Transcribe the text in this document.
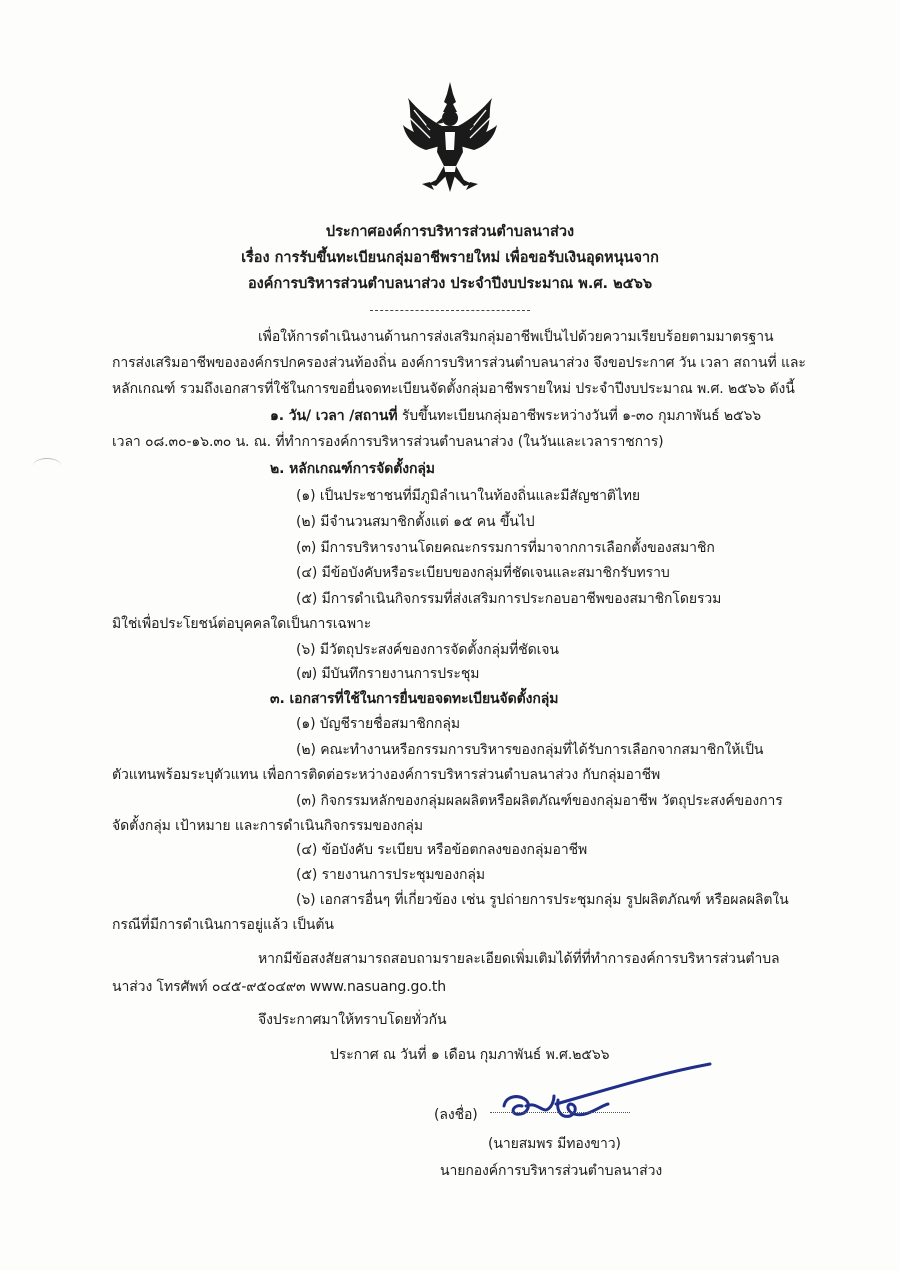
ประกาศองค์การบริหารส่วนตำบลนาส่วง
เรื่อง การรับขึ้นทะเบียนกลุ่มอาชีพรายใหม่ เพื่อขอรับเงินอุดหนุนจาก
องค์การบริหารส่วนตำบลนาส่วง ประจำปีงบประมาณ พ.ศ. ๒๕๖๖
เพื่อให้การดำเนินงานด้านการส่งเสริมกลุ่มอาชีพเป็นไปด้วยความเรียบร้อยตามมาตรฐาน
การส่งเสริมอาชีพขององค์กรปกครองส่วนท้องถิ่น องค์การบริหารส่วนตำบลนาส่วง จึงขอประกาศ วัน เวลา สถานที่ และ
หลักเกณฑ์ รวมถึงเอกสารที่ใช้ในการขอยื่นจดทะเบียนจัดตั้งกลุ่มอาชีพรายใหม่ ประจำปีงบประมาณ พ.ศ. ๒๕๖๖ ดังนี้
๑. วัน/ เวลา /สถานที่ รับขึ้นทะเบียนกลุ่มอาชีพระหว่างวันที่ ๑-๓๐ กุมภาพันธ์ ๒๕๖๖
เวลา ๐๘.๓๐-๑๖.๓๐ น. ณ. ที่ทำการองค์การบริหารส่วนตำบลนาส่วง (ในวันและเวลาราชการ)
๒. หลักเกณฑ์การจัดตั้งกลุ่ม
(๑) เป็นประชาชนที่มีภูมิลำเนาในท้องถิ่นและมีสัญชาติไทย
(๒) มีจำนวนสมาชิกตั้งแต่ ๑๕ คน ขึ้นไป
(๓) มีการบริหารงานโดยคณะกรรมการที่มาจากการเลือกตั้งของสมาชิก
(๔) มีข้อบังคับหรือระเบียบของกลุ่มที่ชัดเจนและสมาชิกรับทราบ
(๕) มีการดำเนินกิจกรรมที่ส่งเสริมการประกอบอาชีพของสมาชิกโดยรวม
มิใช่เพื่อประโยชน์ต่อบุคคลใดเป็นการเฉพาะ
(๖) มีวัตถุประสงค์ของการจัดตั้งกลุ่มที่ชัดเจน
(๗) มีบันทึกรายงานการประชุม
๓. เอกสารที่ใช้ในการยื่นขอจดทะเบียนจัดตั้งกลุ่ม
(๑) บัญชีรายชื่อสมาชิกกลุ่ม
(๒) คณะทำงานหรือกรรมการบริหารของกลุ่มที่ได้รับการเลือกจากสมาชิกให้เป็น
ตัวแทนพร้อมระบุตัวแทน เพื่อการติดต่อระหว่างองค์การบริหารส่วนตำบลนาส่วง กับกลุ่มอาชีพ
(๓) กิจกรรมหลักของกลุ่มผลผลิตหรือผลิตภัณฑ์ของกลุ่มอาชีพ วัตถุประสงค์ของการ
จัดตั้งกลุ่ม เป้าหมาย และการดำเนินกิจกรรมของกลุ่ม
(๔) ข้อบังคับ ระเบียบ หรือข้อตกลงของกลุ่มอาชีพ
(๕) รายงานการประชุมของกลุ่ม
(๖) เอกสารอื่นๆ ที่เกี่ยวข้อง เช่น รูปถ่ายการประชุมกลุ่ม รูปผลิตภัณฑ์ หรือผลผลิตใน
กรณีที่มีการดำเนินการอยู่แล้ว เป็นต้น
หากมีข้อสงสัยสามารถสอบถามรายละเอียดเพิ่มเติมได้ที่ที่ทำการองค์การบริหารส่วนตำบล
นาส่วง โทรศัพท์ ๐๔๕-๙๕๐๔๙๓ www.nasuang.go.th
จึงประกาศมาให้ทราบโดยทั่วกัน
ประกาศ ณ วันที่ ๑ เดือน กุมภาพันธ์ พ.ศ.๒๕๖๖
(ลงชื่อ)
(นายสมพร มีทองขาว)
นายกองค์การบริหารส่วนตำบลนาส่วง
